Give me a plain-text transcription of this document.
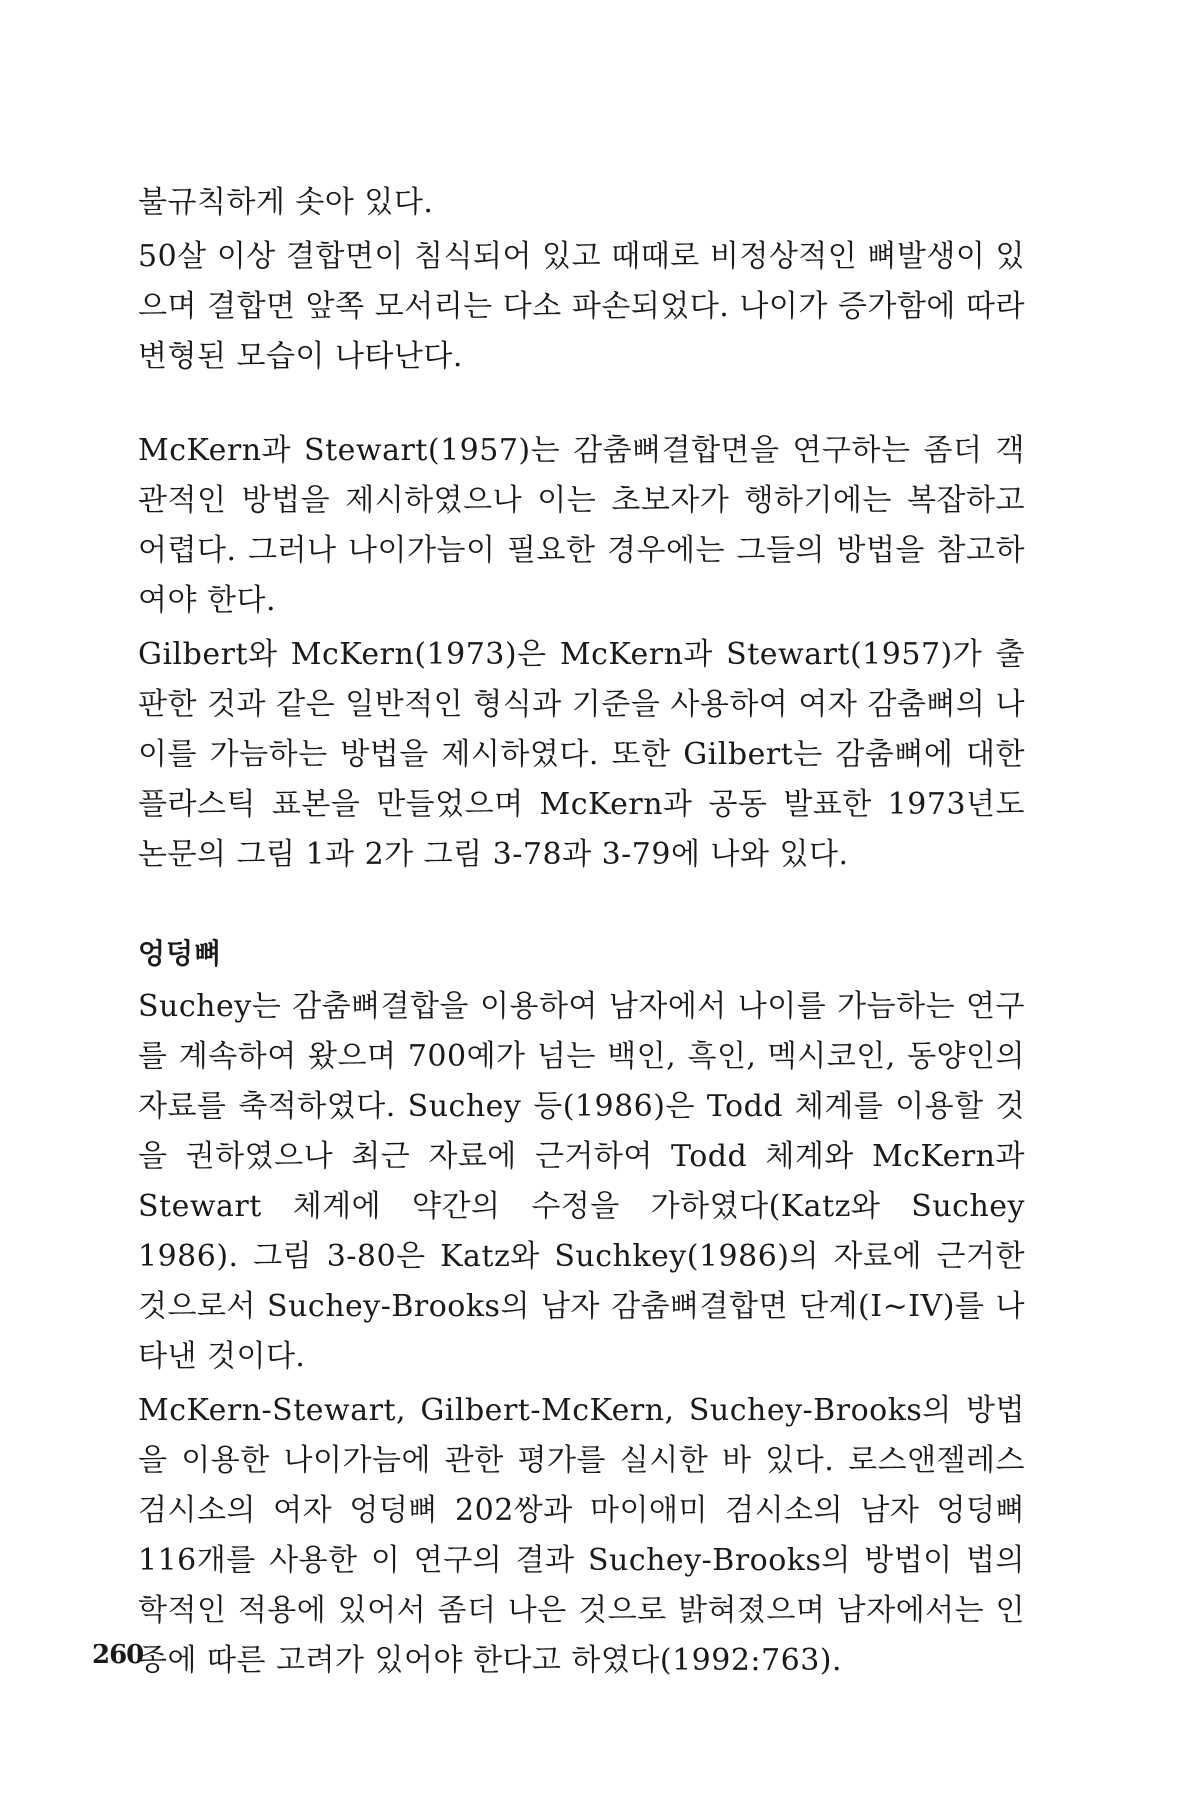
불규칙하게 솟아 있다.

50살 이상 결합면이 침식되어 있고 때때로 비정상적인 뼈발생이 있으며 결합면 앞쪽 모서리는 다소 파손되었다. 나이가 증가함에 따라 변형된 모습이 나타난다.

McKern과 Stewart(1957)는 감춤뼈결합면을 연구하는 좀더 객관적인 방법을 제시하였으나 이는 초보자가 행하기에는 복잡하고 어렵다. 그러나 나이가늠이 필요한 경우에는 그들의 방법을 참고하여야 한다.

Gilbert와 McKern(1973)은 McKern과 Stewart(1957)가 출판한 것과 같은 일반적인 형식과 기준을 사용하여 여자 감춤뼈의 나이를 가늠하는 방법을 제시하였다. 또한 Gilbert는 감춤뼈에 대한 플라스틱 표본을 만들었으며 McKern과 공동 발표한 1973년도 논문의 그림 1과 2가 그림 3-78과 3-79에 나와 있다.

엉덩뼈

Suchey는 감춤뼈결합을 이용하여 남자에서 나이를 가늠하는 연구를 계속하여 왔으며 700예가 넘는 백인, 흑인, 멕시코인, 동양인의 자료를 축적하였다. Suchey 등(1986)은 Todd 체계를 이용할 것을 권하였으나 최근 자료에 근거하여 Todd 체계와 McKern과 Stewart 체계에 약간의 수정을 가하였다(Katz와 Suchey 1986). 그림 3-80은 Katz와 Suchkey(1986)의 자료에 근거한 것으로서 Suchey-Brooks의 남자 감춤뼈결합면 단계(I~IV)를 나타낸 것이다.

McKern-Stewart, Gilbert-McKern, Suchey-Brooks의 방법을 이용한 나이가늠에 관한 평가를 실시한 바 있다. 로스앤젤레스 검시소의 여자 엉덩뼈 202쌍과 마이애미 검시소의 남자 엉덩뼈 116개를 사용한 이 연구의 결과 Suchey-Brooks의 방법이 법의학적인 적용에 있어서 좀더 나은 것으로 밝혀졌으며 남자에서는 인종에 따른 고려가 있어야 한다고 하였다(1992:763).

260
